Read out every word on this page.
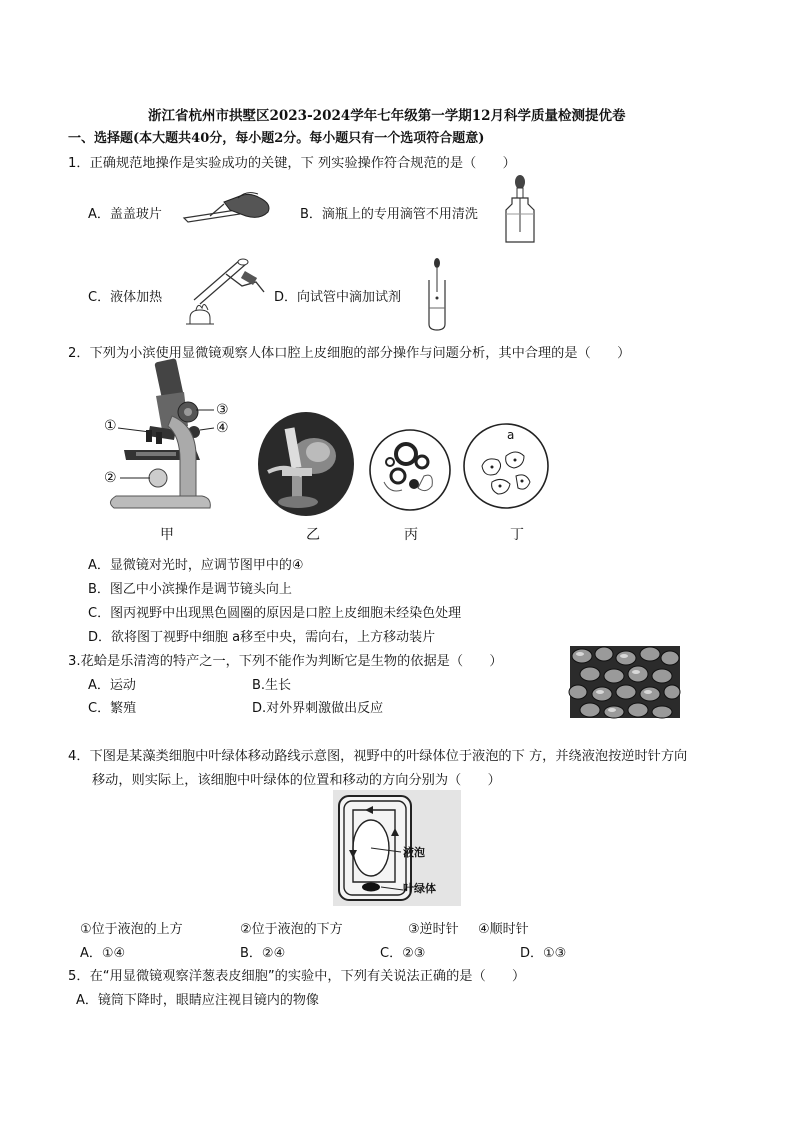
浙江省杭州市拱墅区2023-2024学年七年级第一学期12月科学质量检测提优卷
一、选择题(本大题共40分，每小题2分。每小题只有一个选项符合题意)
1．正确规范地操作是实验成功的关键，下 列实验操作符合规范的是（　　）
A．盖盖玻片	B．滴瓶上的专用滴管不用清洗
C．液体加热	D．向试管中滴加试剂
2．下列为小滨使用显微镜观察人体口腔上皮细胞的部分操作与问题分析，其中合理的是（　　）
①
②
③
④
甲	乙	丙
a
丁
A．显微镜对光时，应调节图甲中的④
B．图乙中小滨操作是调节镜头向上
C．图丙视野中出现黑色圆圈的原因是口腔上皮细胞未经染色处理
D．欲将图丁视野中细胞 a移至中央，需向右，上方移动装片
3.花蛤是乐清湾的特产之一，下列不能作为判断它是生物的依据是（　　）
A．运动	B.生长
C．繁殖	D.对外界刺激做出反应
4．下图是某藻类细胞中叶绿体移动路线示意图，视野中的叶绿体位于液泡的下 方，并绕液泡按逆时针方向
移动，则实际上，该细胞中叶绿体的位置和移动的方向分别为（　　）
液泡
叶绿体
①位于液泡的上方	②位于液泡的下方	③逆时针 ④顺时针
A．①④	B．②④	C．②③	D．①③
5．在“用显微镜观察洋葱表皮细胞”的实验中，下列有关说法正确的是（　　）
A．镜筒下降时，眼睛应注视目镜内的物像
